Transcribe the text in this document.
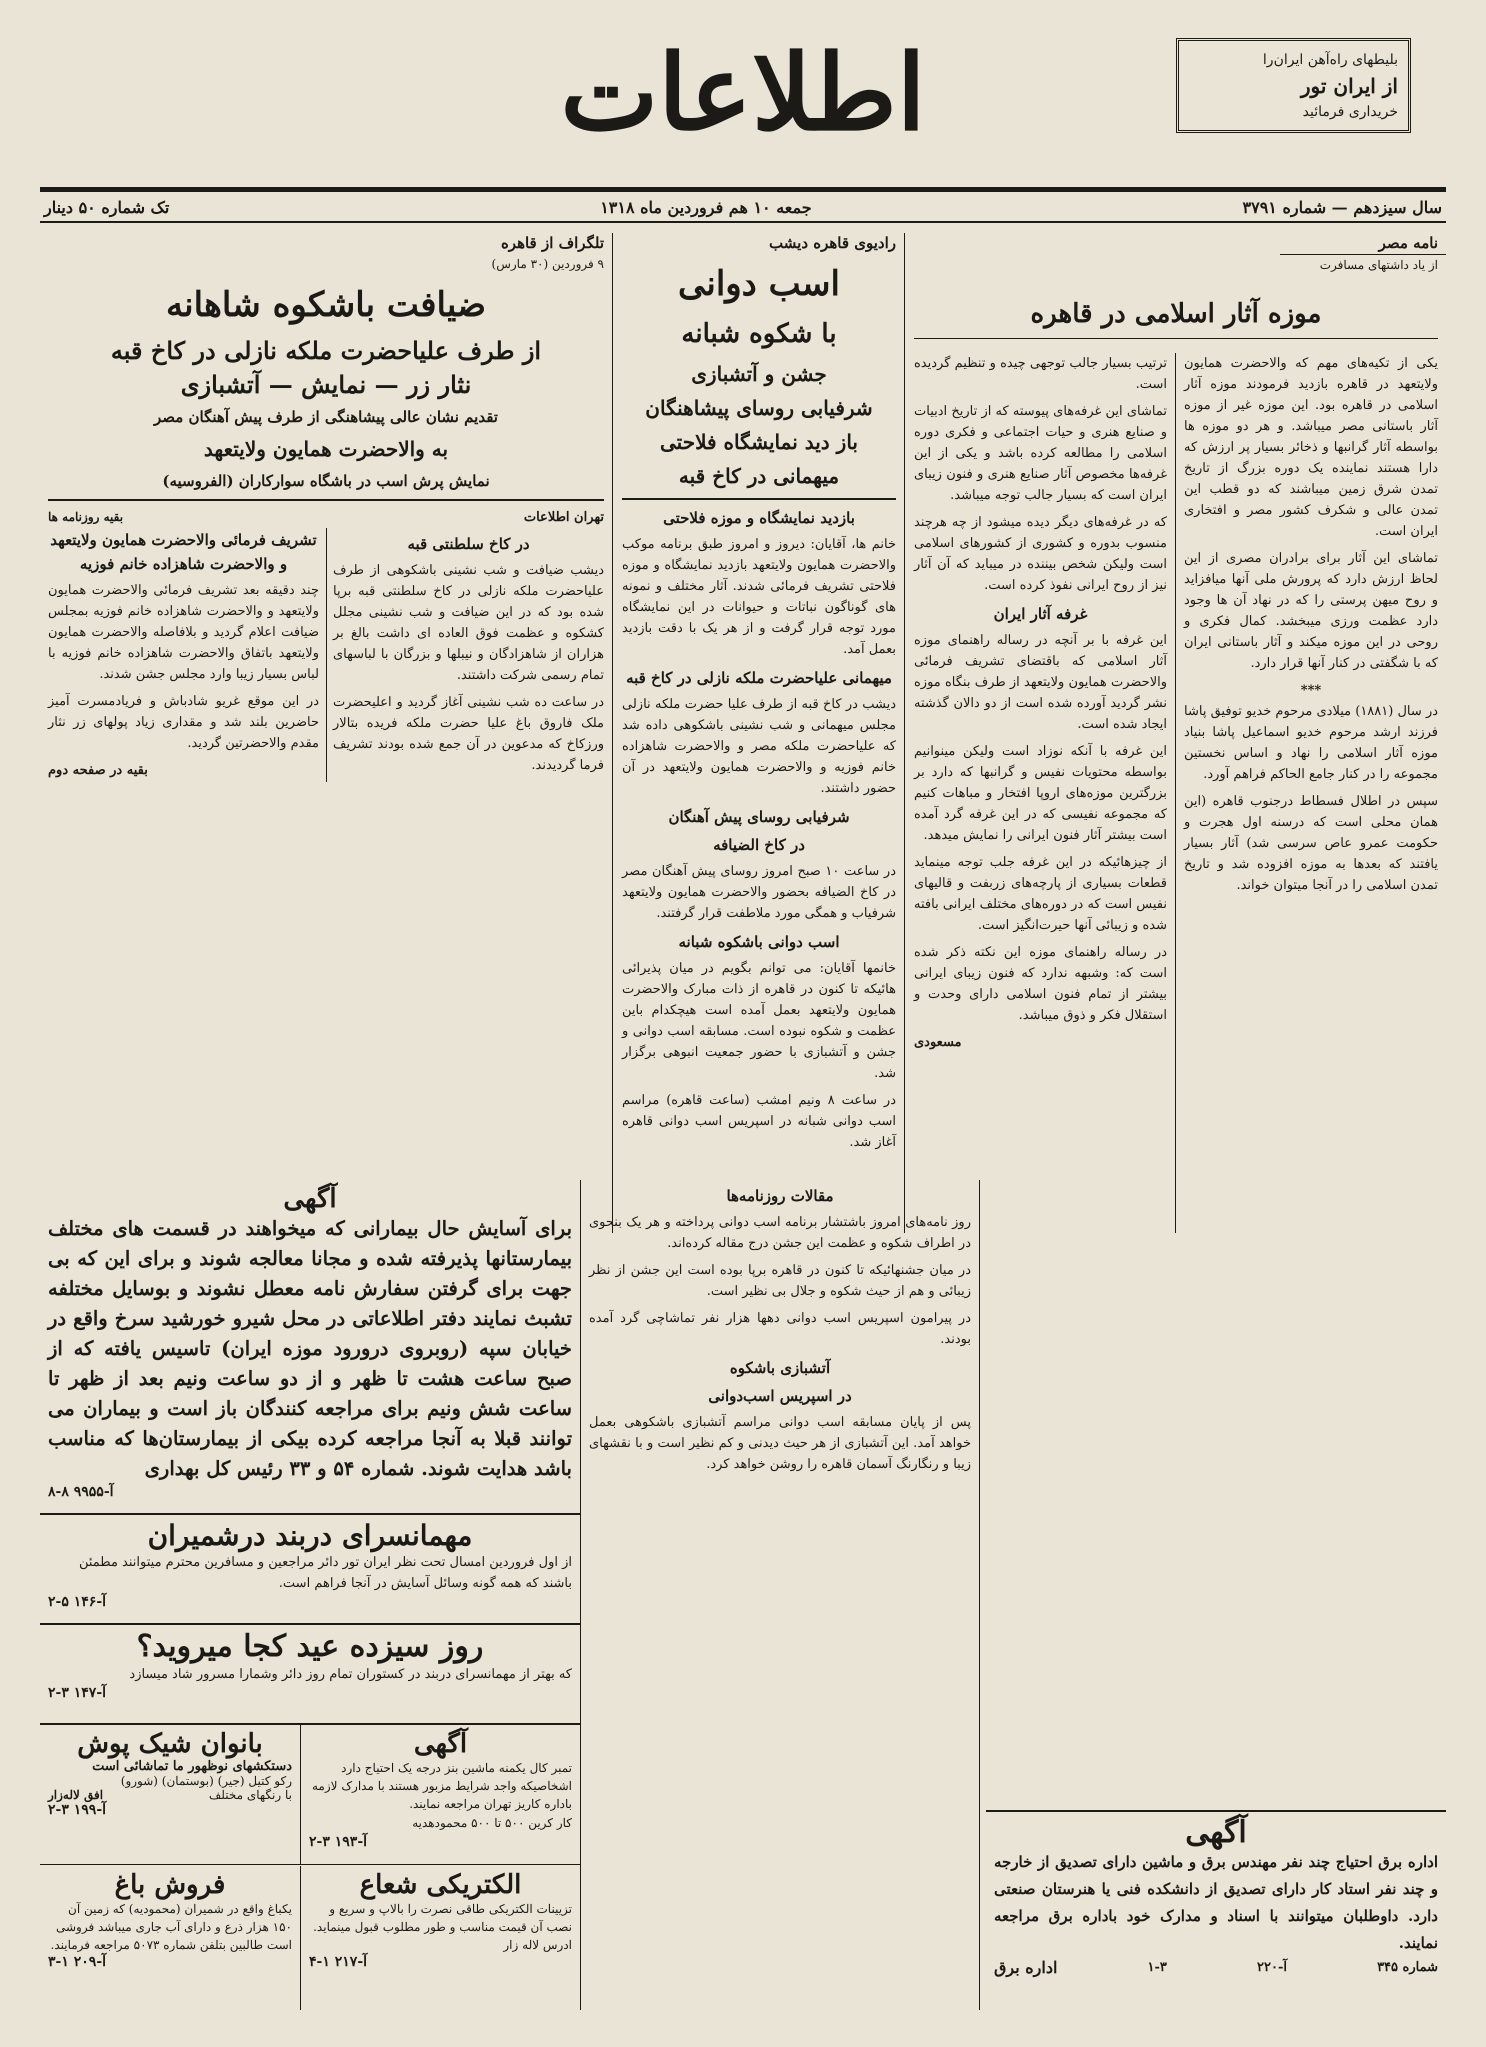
اطلاعات	بلیطهای راه‌آهن ایران‌را
از ایران تور
خریداری فرمائید
سال سیزدهم — شماره ۳۷۹۱
جمعه ۱۰ هم فروردین ماه ۱۳۱۸
تک شماره ۵۰ دینار
نامه مصر
از یاد داشتهای مسافرت
موزه آثار اسلامی در قاهره

یکی از تکیه‌های مهم که والاحضرت همایون ولایتعهد در قاهره بازدید فرمودند موزه آثار اسلامی در قاهره بود. این موزه غیر از موزه آثار باستانی مصر میباشد. و هر دو موزه ها بواسطه آثار گرانبها و ذخائر بسیار پر ارزش که دارا هستند نماینده یک دوره بزرگ از تاریخ تمدن شرق زمین میباشند که دو قطب این تمدن عالی و شکرف کشور مصر و افتخاری ایران است.

تماشای این آثار برای برادران مصری از این لحاظ ارزش دارد که پرورش ملی آنها میافزاید و روح میهن پرستی را که در نهاد آن ها وجود دارد عظمت ورزی میبخشد. کمال فکری و روحی در این موزه میکند و آثار باستانی ایران که با شگفتی در کنار آنها قرار دارد.

***

در سال (۱۸۸۱) میلادی مرحوم خدیو توفیق پاشا فرزند ارشد مرحوم خدیو اسماعیل پاشا بنیاد موزه آثار اسلامی را نهاد و اساس نخستین مجموعه را در کنار جامع الحاکم فراهم آورد.

سپس در اطلال فسطاط درجنوب قاهره (این همان محلی است که درسنه اول هجرت و حکومت عمرو عاص سرسی شد) آثار بسیار یافتند که بعدها به موزه افزوده شد و تاریخ تمدن اسلامی را در آنجا میتوان خواند.

ترتیب بسیار جالب توجهی چیده و تنظیم گردیده است.

تماشای این غرفه‌های پیوسته که از تاریخ ادبیات و صنایع هنری و حیات اجتماعی و فکری دوره اسلامی را مطالعه کرده باشد و یکی از این غرفه‌ها مخصوص آثار صنایع هنری و فنون زیبای ایران است که بسیار جالب توجه میباشد.

که در غرفه‌های دیگر دیده میشود از چه هرچند منسوب بدوره و کشوری از کشورهای اسلامی است ولیکن شخص بیننده در میباید که آن آثار نیز از روح ایرانی نفوذ کرده است.

غرفه آثار ایران

این غرفه با بر آنچه در رساله راهنمای موزه آثار اسلامی که باقتضای تشریف فرمائی والاحضرت همایون ولایتعهد از طرف بنگاه موزه نشر گردید آورده شده است از دو دالان گذشته ایجاد شده است.

این غرفه با آنکه نوزاد است ولیکن مینوانیم بواسطه محتویات نفیس و گرانبها که دارد بر بزرگترین موزه‌های اروپا افتخار و مباهات کنیم که مجموعه نفیسی که در این غرفه گرد آمده است بیشتر آثار فنون ایرانی را نمایش میدهد.

از چیزهائیکه در این غرفه جلب توجه مینماید قطعات بسیاری از پارچه‌های زربفت و قالیهای نفیس است که در دوره‌های مختلف ایرانی بافته شده و زیبائی آنها حیرت‌انگیز است.

در رساله راهنمای موزه این نکته ذکر شده است که: وشبهه ندارد که فنون زیبای ایرانی بیشتر از تمام فنون اسلامی دارای وحدت و استقلال فکر و ذوق میباشد.

مسعودی
رادیوی قاهره دیشب
اسب دوانی
با شکوه شبانه
جشن و آتشبازی
شرفیابی روسای پیشاهنگان
باز دید نمایشگاه فلاحتی
میهمانی در کاخ قبه
بازدید نمایشگاه و موزه فلاحتی

خانم ها، آقایان: دیروز و امروز طبق برنامه موکب والاحضرت همایون ولایتعهد بازدید نمایشگاه و موزه فلاحتی تشریف فرمائی شدند. آثار مختلف و نمونه های گوناگون نباتات و حیوانات در این نمایشگاه مورد توجه قرار گرفت و از هر یک با دقت بازدید بعمل آمد.

میهمانی علیاحضرت ملکه نازلی در کاخ قبه

دیشب در کاخ قبه از طرف علیا حضرت ملکه نازلی مجلس میهمانی و شب نشینی باشکوهی داده شد که علیاحضرت ملکه مصر و والاحضرت شاهزاده خانم فوزیه و والاحضرت همایون ولایتعهد در آن حضور داشتند.

شرفیابی روسای پیش آهنگان
در کاخ الضیافه

در ساعت ۱۰ صبح امروز روسای پیش آهنگان مصر در کاخ الضیافه بحضور والاحضرت همایون ولایتعهد شرفیاب و همگی مورد ملاطفت قرار گرفتند.

اسب دوانی باشکوه شبانه

خانمها آقایان: می توانم بگویم در میان پذیرائی هائیکه تا کنون در قاهره از ذات مبارک والاحضرت همایون ولایتعهد بعمل آمده است هیچکدام باین عظمت و شکوه نبوده است. مسابقه اسب دوانی و جشن و آتشبازی با حضور جمعیت انبوهی برگزار شد.

در ساعت ۸ ونیم امشب (ساعت قاهره) مراسم اسب دوانی شبانه در اسپریس اسب دوانی قاهره آغاز شد.

تلگراف از قاهره
۹ فروردین (۳۰ مارس)
ضیافت باشکوه شاهانه
از طرف علیاحضرت ملکه نازلی در کاخ قبه
نثار زر — نمایش — آتشبازی
تقدیم نشان عالی پیشاهنگی از طرف پیش آهنگان مصر
به والاحضرت همایون ولایتعهد
نمایش پرش اسب در باشگاه سوارکاران (الفروسیه)
تهران اطلاعات
بقیه روزنامه ها
در کاخ سلطنتی قبه

دیشب ضیافت و شب نشینی باشکوهی از طرف علیاحضرت ملکه نازلی در کاخ سلطنتی قبه برپا شده بود که در این ضیافت و شب نشینی مجلل کشکوه و عظمت فوق العاده ای داشت بالغ بر هزاران از شاهزادگان و نیبلها و بزرگان با لباسهای تمام رسمی شرکت داشتند.

در ساعت ده شب نشینی آغاز گردید و اعلیحضرت ملک فاروق باغ علیا حضرت ملکه فریده بتالار ورزکاخ که مدعوین در آن جمع شده بودند تشریف فرما گردیدند.

تشریف فرمائی والاحضرت همایون ولایتعهد و والاحضرت شاهزاده خانم فوزیه

چند دقیقه بعد تشریف فرمائی والاحضرت همایون ولایتعهد و والاحضرت شاهزاده خانم فوزیه بمجلس ضیافت اعلام گردید و بلافاصله والاحضرت همایون ولایتعهد باتفاق والاحضرت شاهزاده خانم فوزیه با لباس بسیار زیبا وارد مجلس جشن شدند.

در این موقع غریو شادباش و فریادمسرت آمیز حاضرین بلند شد و مقداری زیاد پولهای زر نثار مقدم والاحضرتین گردید.

بقیه در صفحه دوم
آگهی
اداره برق احتیاج چند نفر مهندس برق و ماشین دارای تصدیق از خارجه و چند نفر استاد کار دارای تصدیق از دانشکده فنی یا هنرستان صنعتی دارد. داوطلبان میتوانند با اسناد و مدارک خود باداره برق مراجعه نمایند.
شماره ۳۴۵
آ-۲۲۰
۱-۳
اداره برق
مقالات روزنامه‌ها

روز نامه‌های امروز باشتشار برنامه اسب دوانی پرداخته و هر یک بنحوی در اطراف شکوه و عظمت این جشن درج مقاله کرده‌اند.

در میان جشنهائیکه تا کنون در قاهره برپا بوده است این جشن از نظر زیبائی و هم از حیث شکوه و جلال بی نظیر است.

در پیرامون اسپریس اسب دوانی دهها هزار نفر تماشاچی گرد آمده بودند.

آتشبازی باشکوه
در اسپریس اسب‌دوانی

پس از پایان مسابقه اسب دوانی مراسم آتشبازی باشکوهی بعمل خواهد آمد. این آتشبازی از هر حیث دیدنی و کم نظیر است و با نقشهای زیبا و رنگارنگ آسمان قاهره را روشن خواهد کرد.

آگهی
برای آسایش حال بیمارانی که میخواهند در قسمت های مختلف بیمارستانها پذیرفته شده و مجانا معالجه شوند و برای این که بی جهت برای گرفتن سفارش نامه معطل نشوند و بوسایل مختلفه تشبث نمایند دفتر اطلاعاتی در محل شیرو خورشید سرخ واقع در خیابان سپه (روبروی درورود موزه ایران) تاسیس یافته که از صبح ساعت هشت تا ظهر و از دو ساعت ونیم بعد از ظهر تا ساعت شش ونیم برای مراجعه کنندگان باز است و بیماران می توانند قبلا به آنجا مراجعه کرده بیکی از بیمارستان‌ها که مناسب باشد هدایت شوند. شماره ۵۴ و ۳۳ رئیس کل بهداری
آ-۹۹۵۵ ۸-۸
مهمانسرای دربند درشمیران
از اول فروردین امسال تحت نظر ایران تور دائر مراجعین و مسافرین محترم میتوانند مطمئن باشند که همه گونه وسائل آسایش در آنجا فراهم است.
آ-۱۴۶ ۵-۲
روز سیزده عید کجا میروید؟
که بهتر از مهمانسرای دربند در کستوران تمام روز دائر وشمارا مسرور شاد میسازد
آ-۱۴۷ ۳-۲
آگهی
تمبر کال یکمنه ماشین بنز درجه یک احتیاج دارد اشخاصیکه واجد شرایط مزبور هستند با مدارک لازمه باداره کاریز تهران مراجعه نمایند.
کار کرین ۵۰۰ تا ۵۰۰ محمودهدیه
آ-۱۹۳ ۳-۲
بانوان شیک پوش
دستکشهای نوظهور ما تماشائی است
رکو کتیل (جیر) (بوستمان) (شورو)
با رنگهای مختلف
افق لاله‌زار
آ-۱۹۹ ۳-۲
الکتریکی شعاع
تزیینات الکتریکی طاقی نصرت را بالاپ و سریع و نصب آن قیمت مناسب و طور مطلوب قبول مینماید. ادرس لاله زار
آ-۲۱۷ ۱-۴
فروش باغ
یکباغ واقع در شمیران (محمودیه) که زمین آن ۱۵۰ هزار ذرع و دارای آب جاری میباشد فروشی است طالبین بتلفن شماره ۵۰۷۳ مراجعه فرمایند.
آ-۲۰۹ ۱-۳
